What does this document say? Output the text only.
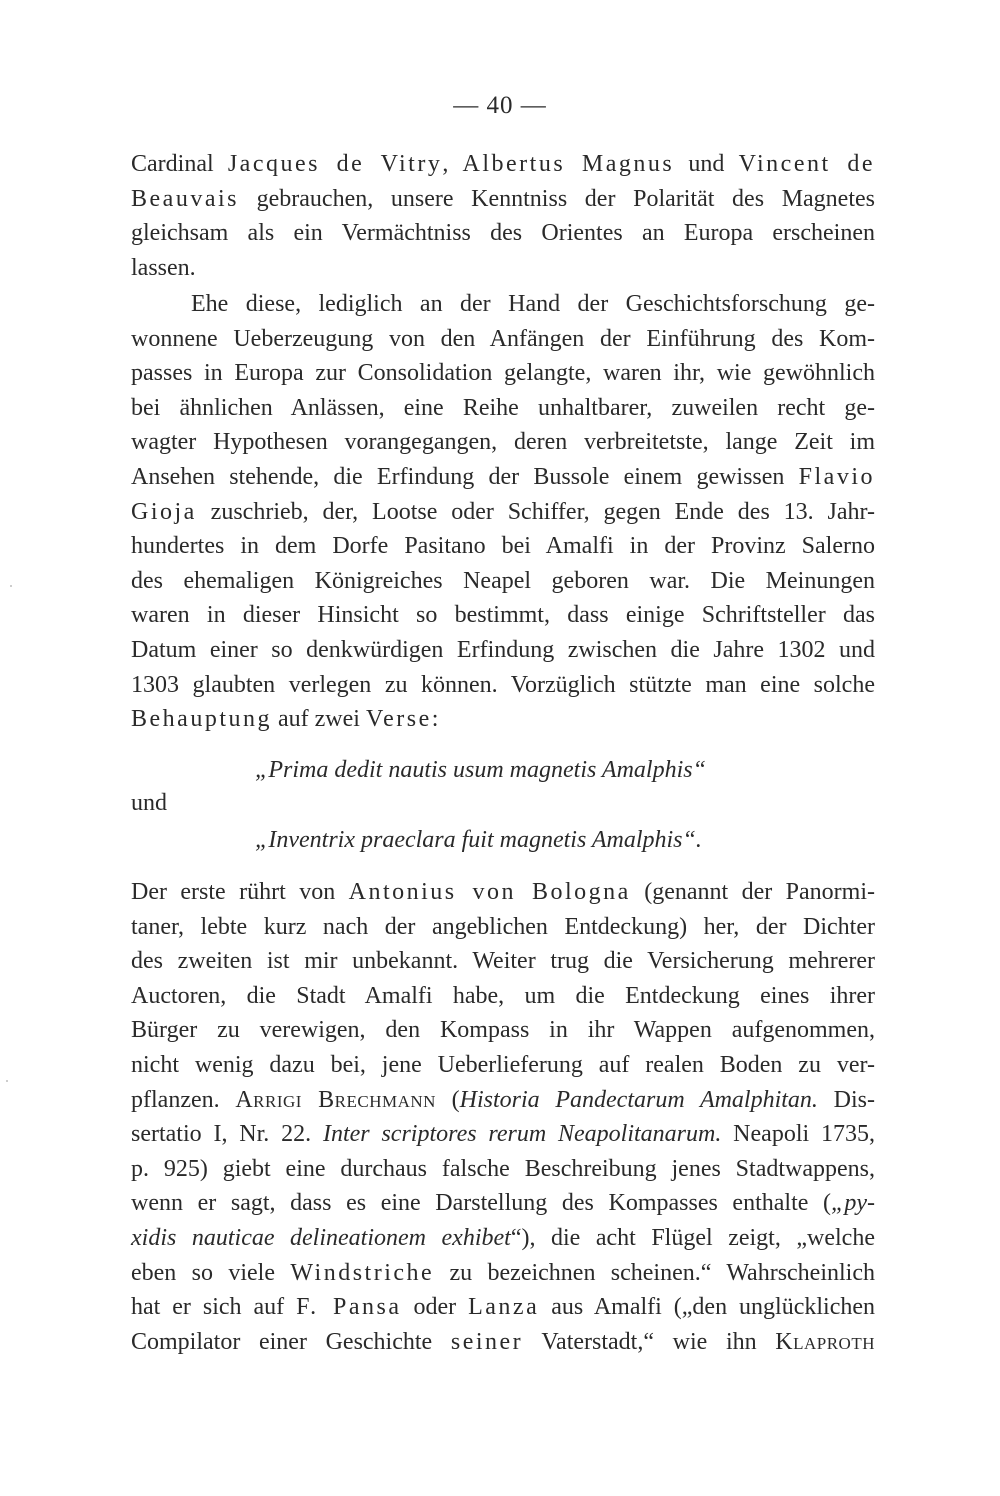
— 40 —
Cardinal Jacques de Vitry, Albertus Magnus und Vincent de
Beauvais gebrauchen, unsere Kenntniss der Polarität des Magnetes
gleichsam als ein Vermächtniss des Orientes an Europa erscheinen
lassen.
Ehe diese, lediglich an der Hand der Geschichtsforschung ge-
wonnene Ueberzeugung von den Anfängen der Einführung des Kom-
passes in Europa zur Consolidation gelangte, waren ihr, wie gewöhnlich
bei ähnlichen Anlässen, eine Reihe unhaltbarer, zuweilen recht ge-
wagter Hypothesen vorangegangen, deren verbreitetste, lange Zeit im
Ansehen stehende, die Erfindung der Bussole einem gewissen Flavio
Gioja zuschrieb, der, Lootse oder Schiffer, gegen Ende des 13. Jahr-
hundertes in dem Dorfe Pasitano bei Amalfi in der Provinz Salerno
des ehemaligen Königreiches Neapel geboren war. Die Meinungen
waren in dieser Hinsicht so bestimmt, dass einige Schriftsteller das
Datum einer so denkwürdigen Erfindung zwischen die Jahre 1302 und
1303 glaubten verlegen zu können. Vorzüglich stützte man eine solche
Behauptung auf zwei Verse:
„Prima dedit nautis usum magnetis Amalphis“
und
„Inventrix praeclara fuit magnetis Amalphis“.
Der erste rührt von Antonius von Bologna (genannt der Panormi-
taner, lebte kurz nach der angeblichen Entdeckung) her, der Dichter
des zweiten ist mir unbekannt. Weiter trug die Versicherung mehrerer
Auctoren, die Stadt Amalfi habe, um die Entdeckung eines ihrer
Bürger zu verewigen, den Kompass in ihr Wappen aufgenommen,
nicht wenig dazu bei, jene Ueberlieferung auf realen Boden zu ver-
pflanzen. Arrigi Brechmann (Historia Pandectarum Amalphitan. Dis-
sertatio I, Nr. 22. Inter scriptores rerum Neapolitanarum. Neapoli 1735,
p. 925) giebt eine durchaus falsche Beschreibung jenes Stadtwappens,
wenn er sagt, dass es eine Darstellung des Kompasses enthalte („py-
xidis nauticae delineationem exhibet“), die acht Flügel zeigt, „welche
eben so viele Windstriche zu bezeichnen scheinen.“ Wahrscheinlich
hat er sich auf F. Pansa oder Lanza aus Amalfi („den unglücklichen
Compilator einer Geschichte seiner Vaterstadt,“ wie ihn Klaproth
